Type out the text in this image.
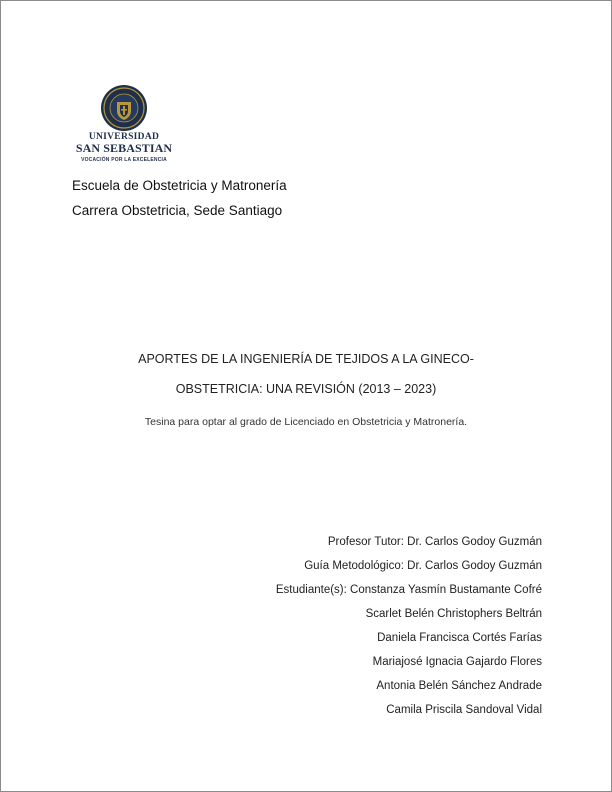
UNIVERSIDAD
SAN SEBASTIAN
VOCACIÓN POR LA EXCELENCIA
Escuela de Obstetricia y Matronería
Carrera Obstetricia, Sede Santiago
APORTES DE LA INGENIERÍA DE TEJIDOS A LA GINECO-
OBSTETRICIA: UNA REVISIÓN (2013 – 2023)
Tesina para optar al grado de Licenciado en Obstetricia y Matronería.
Profesor Tutor: Dr. Carlos Godoy Guzmán
Guía Metodológico: Dr. Carlos Godoy Guzmán
Estudiante(s): Constanza Yasmín Bustamante Cofré
Scarlet Belén Christophers Beltrán
Daniela Francisca Cortés Farías
Mariajosé Ignacia Gajardo Flores
Antonia Belén Sánchez Andrade
Camila Priscila Sandoval Vidal
